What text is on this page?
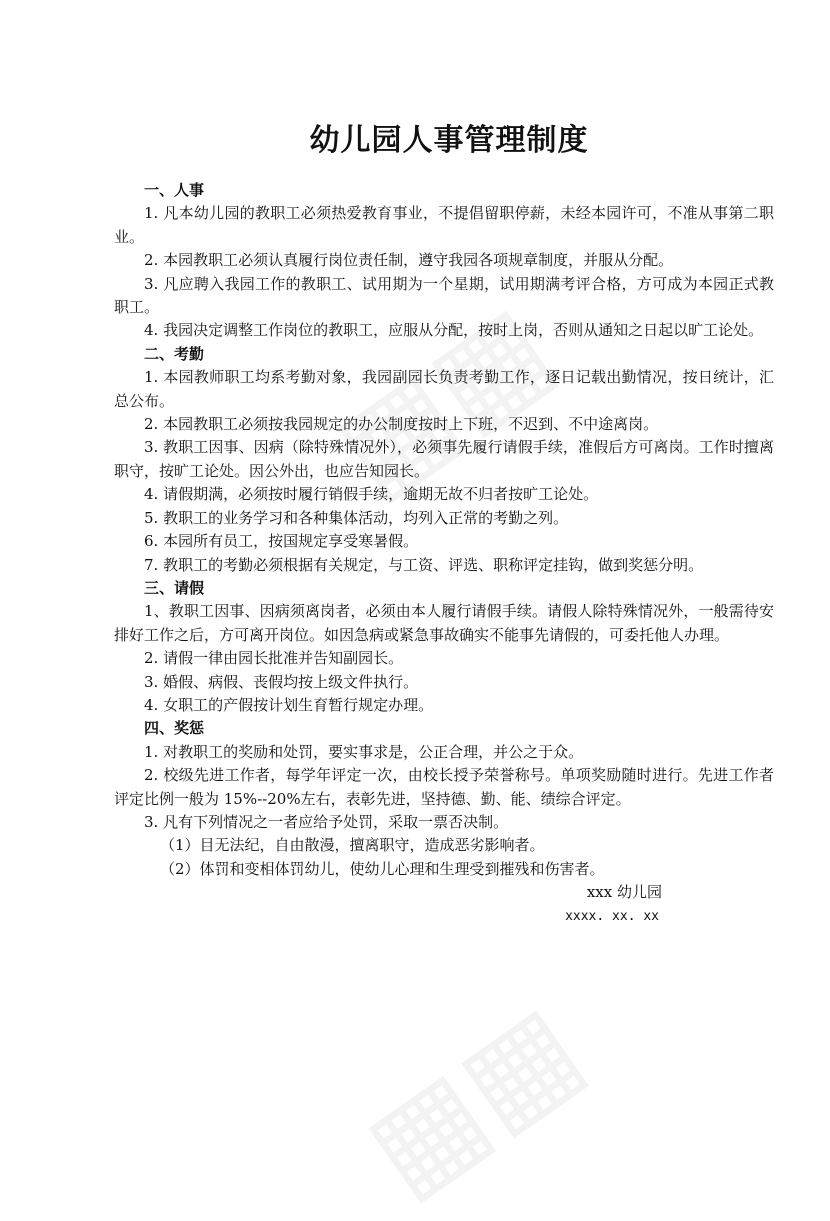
幼儿园人事管理制度
一、人事
1. 凡本幼儿园的教职工必须热爱教育事业，不提倡留职停薪，未经本园许可，不准从事第二职业。
2. 本园教职工必须认真履行岗位责任制，遵守我园各项规章制度，并服从分配。
3. 凡应聘入我园工作的教职工、试用期为一个星期，试用期满考评合格，方可成为本园正式教职工。
4. 我园决定调整工作岗位的教职工，应服从分配，按时上岗，否则从通知之日起以旷工论处。
二、考勤
1. 本园教师职工均系考勤对象，我园副园长负责考勤工作，逐日记载出勤情况，按日统计，汇总公布。
2. 本园教职工必须按我园规定的办公制度按时上下班，不迟到、不中途离岗。
3. 教职工因事、因病（除特殊情况外），必须事先履行请假手续，准假后方可离岗。工作时擅离职守，按旷工论处。因公外出，也应告知园长。
4. 请假期满，必须按时履行销假手续，逾期无故不归者按旷工论处。
5. 教职工的业务学习和各种集体活动，均列入正常的考勤之列。
6. 本园所有员工，按国规定享受寒暑假。
7. 教职工的考勤必须根据有关规定，与工资、评选、职称评定挂钩，做到奖惩分明。
三、请假
1、教职工因事、因病须离岗者，必须由本人履行请假手续。请假人除特殊情况外，一般需待安排好工作之后，方可离开岗位。如因急病或紧急事故确实不能事先请假的，可委托他人办理。
2. 请假一律由园长批准并告知副园长。
3. 婚假、病假、丧假均按上级文件执行。
4. 女职工的产假按计划生育暂行规定办理。
四、奖惩
1. 对教职工的奖励和处罚，要实事求是，公正合理，并公之于众。
2. 校级先进工作者，每学年评定一次，由校长授予荣誉称号。单项奖励随时进行。先进工作者评定比例一般为 15%--20%左右，表彰先进，坚持德、勤、能、绩综合评定。
3. 凡有下列情况之一者应给予处罚，采取一票否决制。
（1）目无法纪，自由散漫，擅离职守，造成恶劣影响者。
（2）体罚和变相体罚幼儿，使幼儿心理和生理受到摧残和伤害者。
xxx 幼儿园
xxxx. xx. xx
